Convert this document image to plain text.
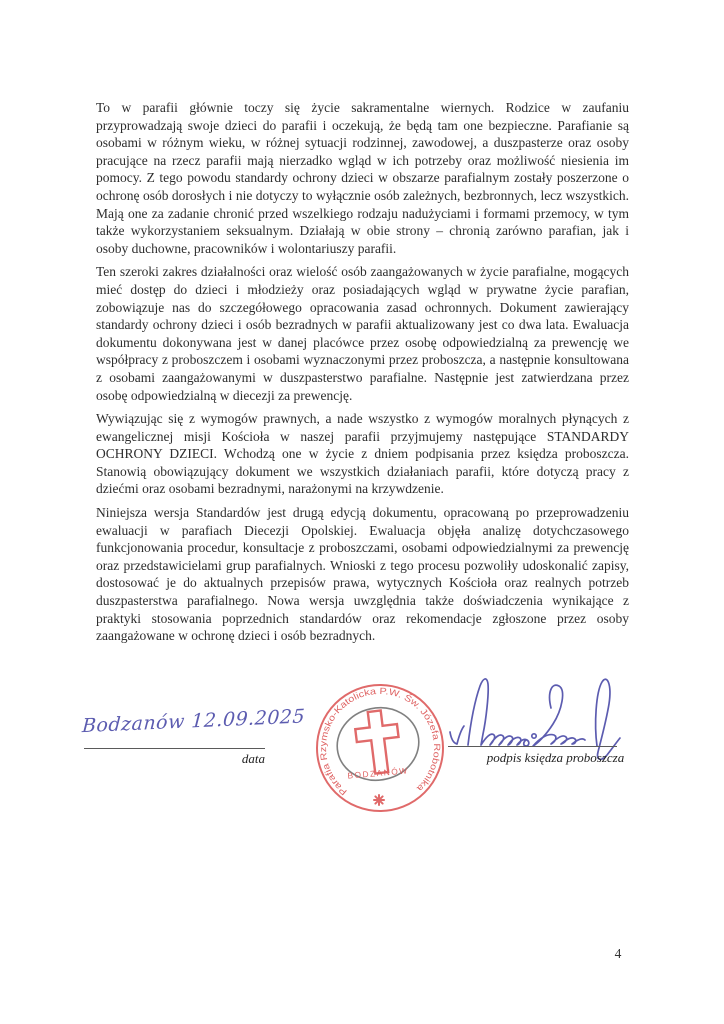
To w parafii głównie toczy się życie sakramentalne wiernych. Rodzice w zaufaniu przyprowadzają swoje dzieci do parafii i oczekują, że będą tam one bezpieczne. Parafianie są osobami w różnym wieku, w różnej sytuacji rodzinnej, zawodowej, a duszpasterze oraz osoby pracujące na rzecz parafii mają nierzadko wgląd w ich potrzeby oraz możliwość niesienia im pomocy. Z tego powodu standardy ochrony dzieci w obszarze parafialnym zostały poszerzone o ochronę osób dorosłych i nie dotyczy to wyłącznie osób zależnych, bezbronnych, lecz wszystkich. Mają one za zadanie chronić przed wszelkiego rodzaju nadużyciami i formami przemocy, w tym także wykorzystaniem seksualnym. Działają w obie strony – chronią zarówno parafian, jak i osoby duchowne, pracowników i wolontariuszy parafii.

Ten szeroki zakres działalności oraz wielość osób zaangażowanych w życie parafialne, mogących mieć dostęp do dzieci i młodzieży oraz posiadających wgląd w prywatne życie parafian, zobowiązuje nas do szczegółowego opracowania zasad ochronnych. Dokument zawierający standardy ochrony dzieci i osób bezradnych w parafii aktualizowany jest co dwa lata. Ewaluacja dokumentu dokonywana jest w danej placówce przez osobę odpowiedzialną za prewencję we współpracy z proboszczem i osobami wyznaczonymi przez proboszcza, a następnie konsultowana z osobami zaangażowanymi w duszpasterstwo parafialne. Następnie jest zatwierdzana przez osobę odpowiedzialną w diecezji za prewencję.

Wywiązując się z wymogów prawnych, a nade wszystko z wymogów moralnych płynących z ewangelicznej misji Kościoła w naszej parafii przyjmujemy następujące STANDARDY OCHRONY DZIECI. Wchodzą one w życie z dniem podpisania przez księdza proboszcza. Stanowią obowiązujący dokument we wszystkich działaniach parafii, które dotyczą pracy z dziećmi oraz osobami bezradnymi, narażonymi na krzywdzenie.

Niniejsza wersja Standardów jest drugą edycją dokumentu, opracowaną po przeprowadzeniu ewaluacji w parafiach Diecezji Opolskiej. Ewaluacja objęła analizę dotychczasowego funkcjonowania procedur, konsultacje z proboszczami, osobami odpowiedzialnymi za prewencję oraz przedstawicielami grup parafialnych. Wnioski z tego procesu pozwoliły udoskonalić zapisy, dostosować je do aktualnych przepisów prawa, wytycznych Kościoła oraz realnych potrzeb duszpasterstwa parafialnego. Nowa wersja uwzględnia także doświadczenia wynikające z praktyki stosowania poprzednich standardów oraz rekomendacje zgłoszone przez osoby zaangażowane w ochronę dzieci i osób bezradnych.

Bodzanów 12.09.2025
data
Parafia Rzymsko-Katolicka P.W. Św. Józefa Robotnika
BODZANÓW
podpis księdza proboszcza
4
